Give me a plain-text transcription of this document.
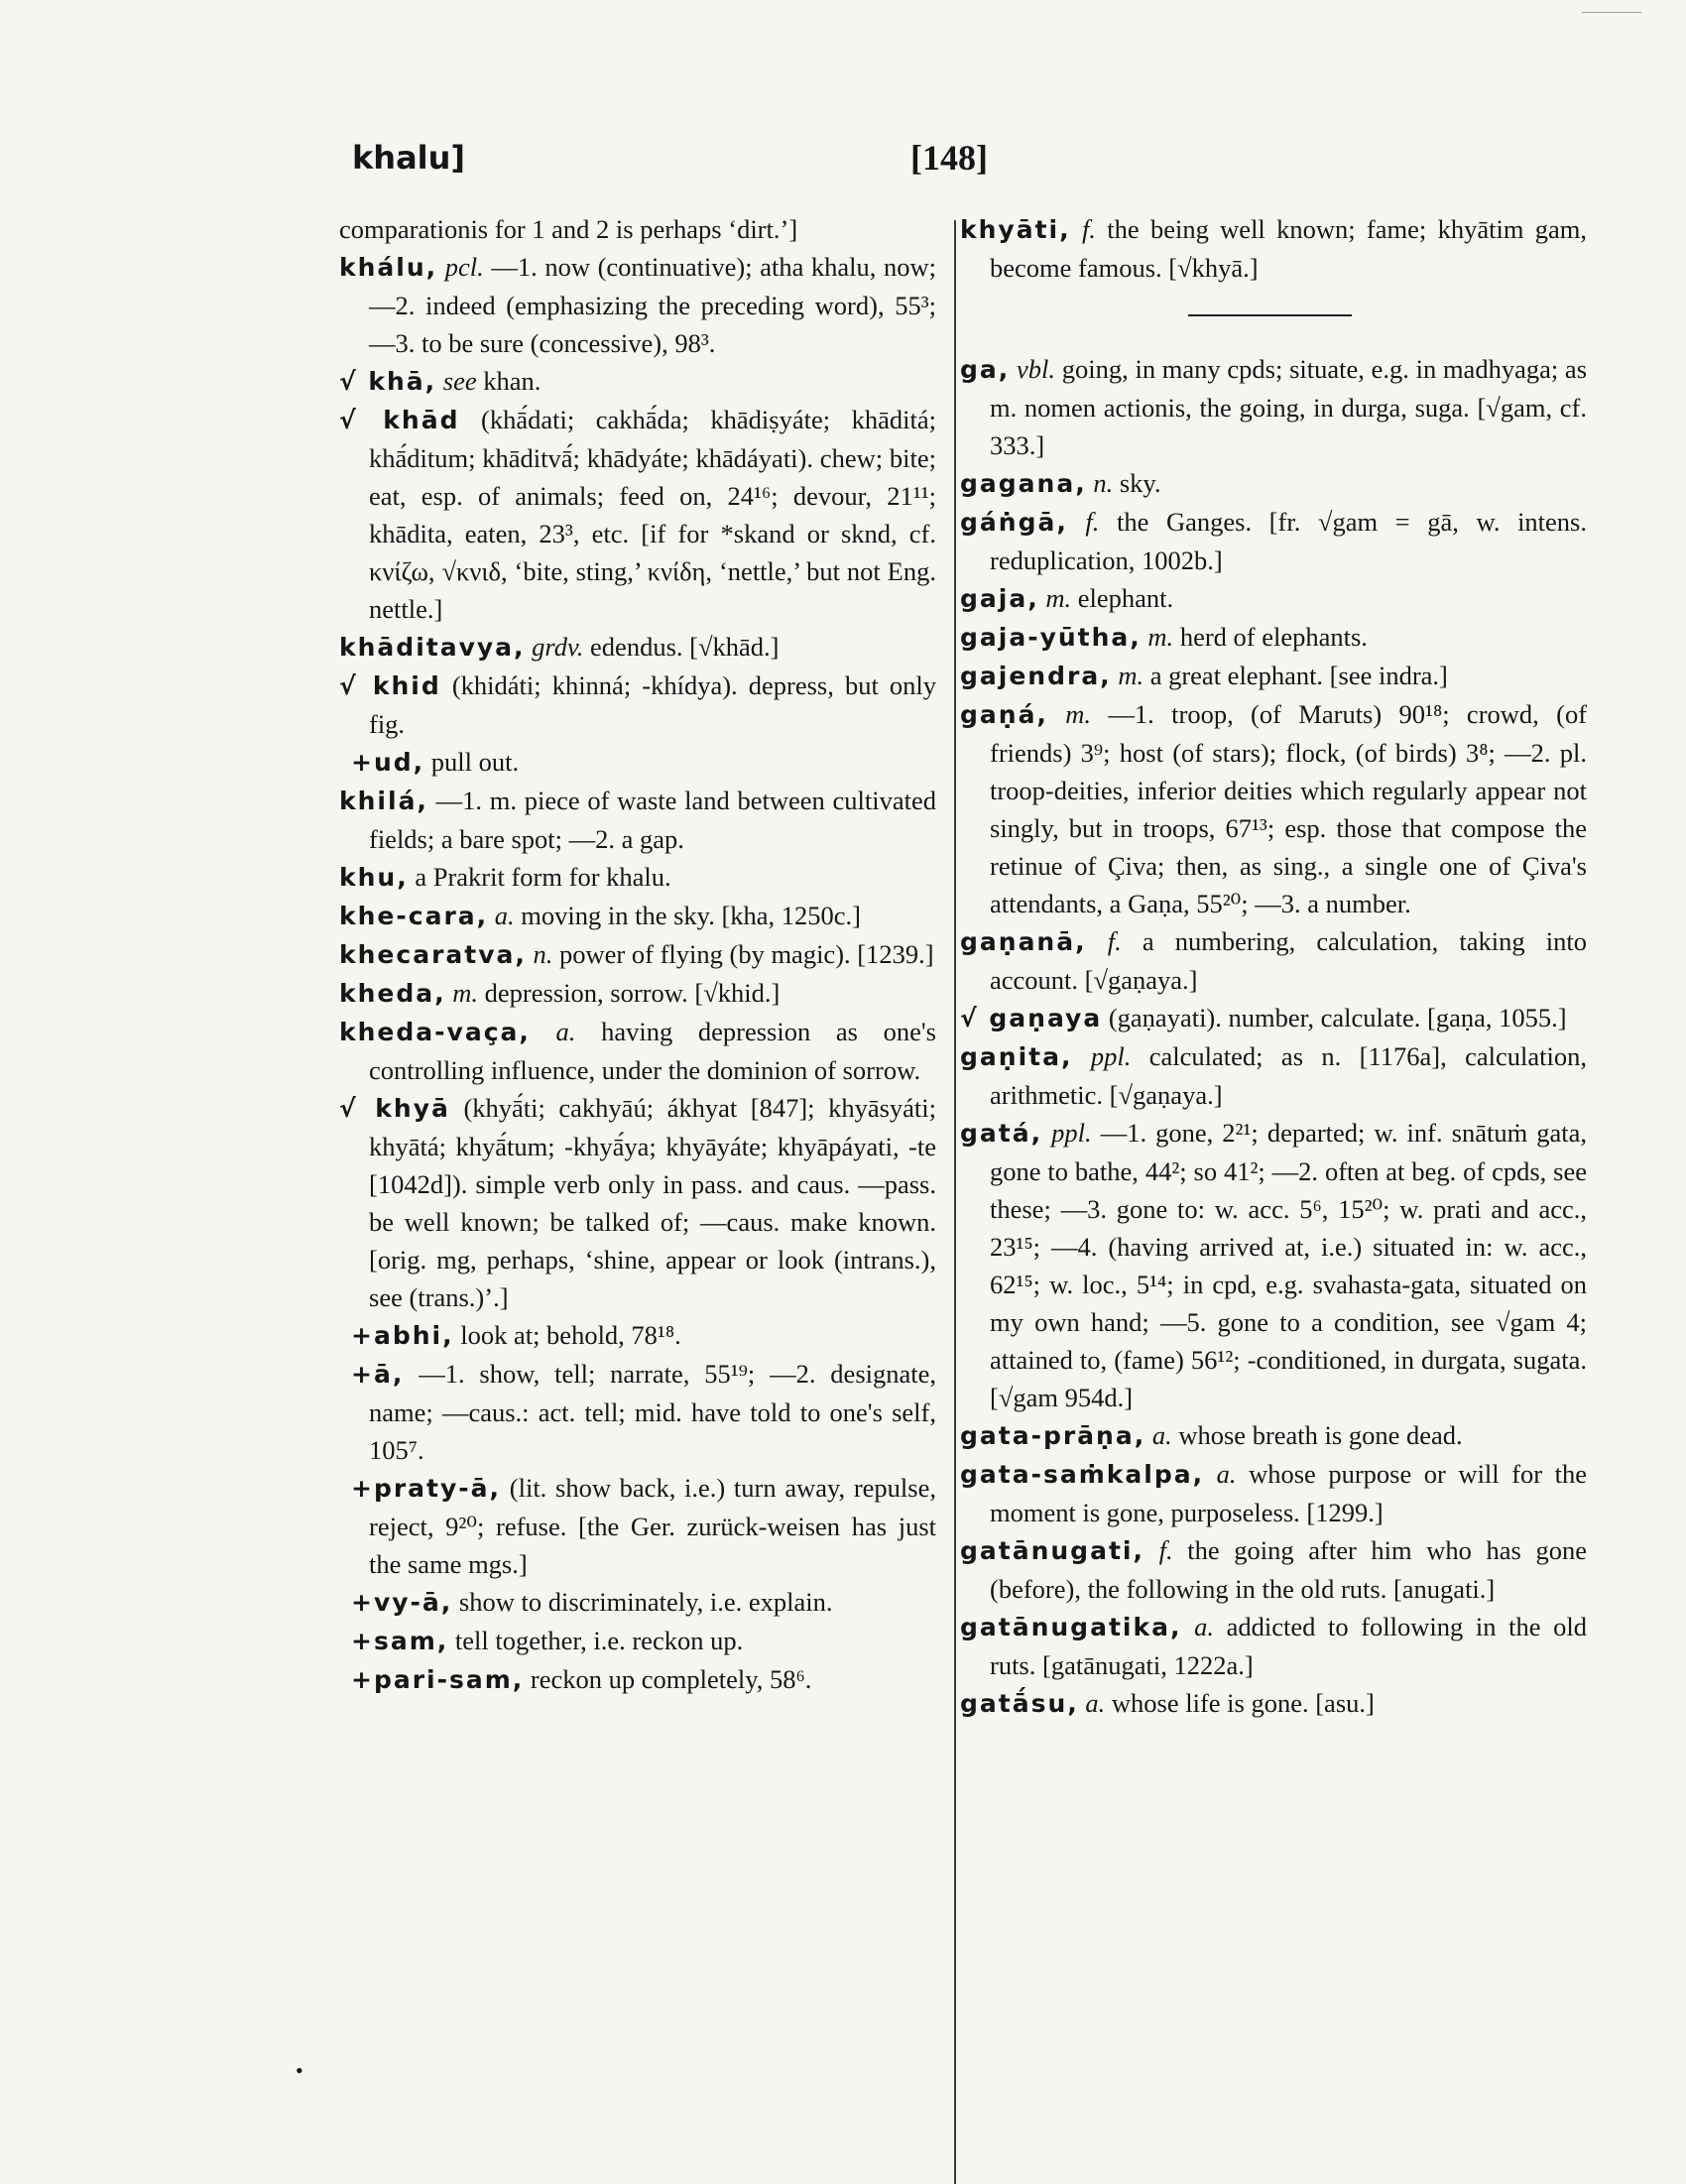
khalu]	[148]

comparationis for 1 and 2 is perhaps ‘dirt.’]

khálu, pcl. —1. now (continuative); atha khalu, now; —2. indeed (emphasizing the preceding word), 55³; —3. to be sure (concessive), 98³.

√ khā, see khan.

√ khād (khā́dati; cakhā́da; khādiṣyáte; khāditá; khā́ditum; khāditvā́; khādyáte; khādáyati). chew; bite; eat, esp. of animals; feed on, 24¹⁶; devour, 21¹¹; khādita, eaten, 23³, etc. [if for *skand or sknd, cf. κνίζω, √κνιδ, ‘bite, sting,’ κνίδη, ‘nettle,’ but not Eng. nettle.]

khāditavya, grdv. edendus. [√khād.]

√ khid (khidáti; khinná; -khídya). depress, but only fig.

+ud, pull out.

khilá, —1. m. piece of waste land between cultivated fields; a bare spot; —2. a gap.

khu, a Prakrit form for khalu.

khe-cara, a. moving in the sky. [kha, 1250c.]

khecaratva, n. power of flying (by magic). [1239.]

kheda, m. depression, sorrow. [√khid.]

kheda-vaça, a. having depression as one's controlling influence, under the dominion of sorrow.

√ khyā (khyā́ti; cakhyāú; ákhyat [847]; khyāsyáti; khyātá; khyā́tum; -khyā́ya; khyāyáte; khyāpáyati, -te [1042d]). simple verb only in pass. and caus. —pass. be well known; be talked of; —caus. make known. [orig. mg, perhaps, ‘shine, appear or look (intrans.), see (trans.)’.]

+abhi, look at; behold, 78¹⁸.

+ā, —1. show, tell; narrate, 55¹⁹; —2. designate, name; —caus.: act. tell; mid. have told to one's self, 105⁷.

+praty-ā, (lit. show back, i.e.) turn away, repulse, reject, 9²⁰; refuse. [the Ger. zurück-weisen has just the same mgs.]

+vy-ā, show to discriminately, i.e. explain.

+sam, tell together, i.e. reckon up.

+pari-sam, reckon up completely, 58⁶.

khyāti, f. the being well known; fame; khyātim gam, become famous. [√khyā.]

ga, vbl. going, in many cpds; situate, e.g. in madhyaga; as m. nomen actionis, the going, in durga, suga. [√gam, cf. 333.]

gagana, n. sky.

gáṅgā, f. the Ganges. [fr. √gam = gā, w. intens. reduplication, 1002b.]

gaja, m. elephant.

gaja-yūtha, m. herd of elephants.

gajendra, m. a great elephant. [see indra.]

gaṇá, m. —1. troop, (of Maruts) 90¹⁸; crowd, (of friends) 3⁹; host (of stars); flock, (of birds) 3⁸; —2. pl. troop-deities, inferior deities which regularly appear not singly, but in troops, 67¹³; esp. those that compose the retinue of Çiva; then, as sing., a single one of Çiva's attendants, a Gaṇa, 55²⁰; —3. a number.

gaṇanā, f. a numbering, calculation, taking into account. [√gaṇaya.]

√ gaṇaya (gaṇayati). number, calculate. [gaṇa, 1055.]

gaṇita, ppl. calculated; as n. [1176a], calculation, arithmetic. [√gaṇaya.]

gatá, ppl. —1. gone, 2²¹; departed; w. inf. snātuṁ gata, gone to bathe, 44²; so 41²; —2. often at beg. of cpds, see these; —3. gone to: w. acc. 5⁶, 15²⁰; w. prati and acc., 23¹⁵; —4. (having arrived at, i.e.) situated in: w. acc., 62¹⁵; w. loc., 5¹⁴; in cpd, e.g. svahasta-gata, situated on my own hand; —5. gone to a condition, see √gam 4; attained to, (fame) 56¹²; -conditioned, in durgata, sugata. [√gam 954d.]

gata-prāṇa, a. whose breath is gone dead.

gata-saṁkalpa, a. whose purpose or will for the moment is gone, purposeless. [1299.]

gatānugati, f. the going after him who has gone (before), the following in the old ruts. [anugati.]

gatānugatika, a. addicted to following in the old ruts. [gatānugati, 1222a.]

gatā́su, a. whose life is gone. [asu.]

•
